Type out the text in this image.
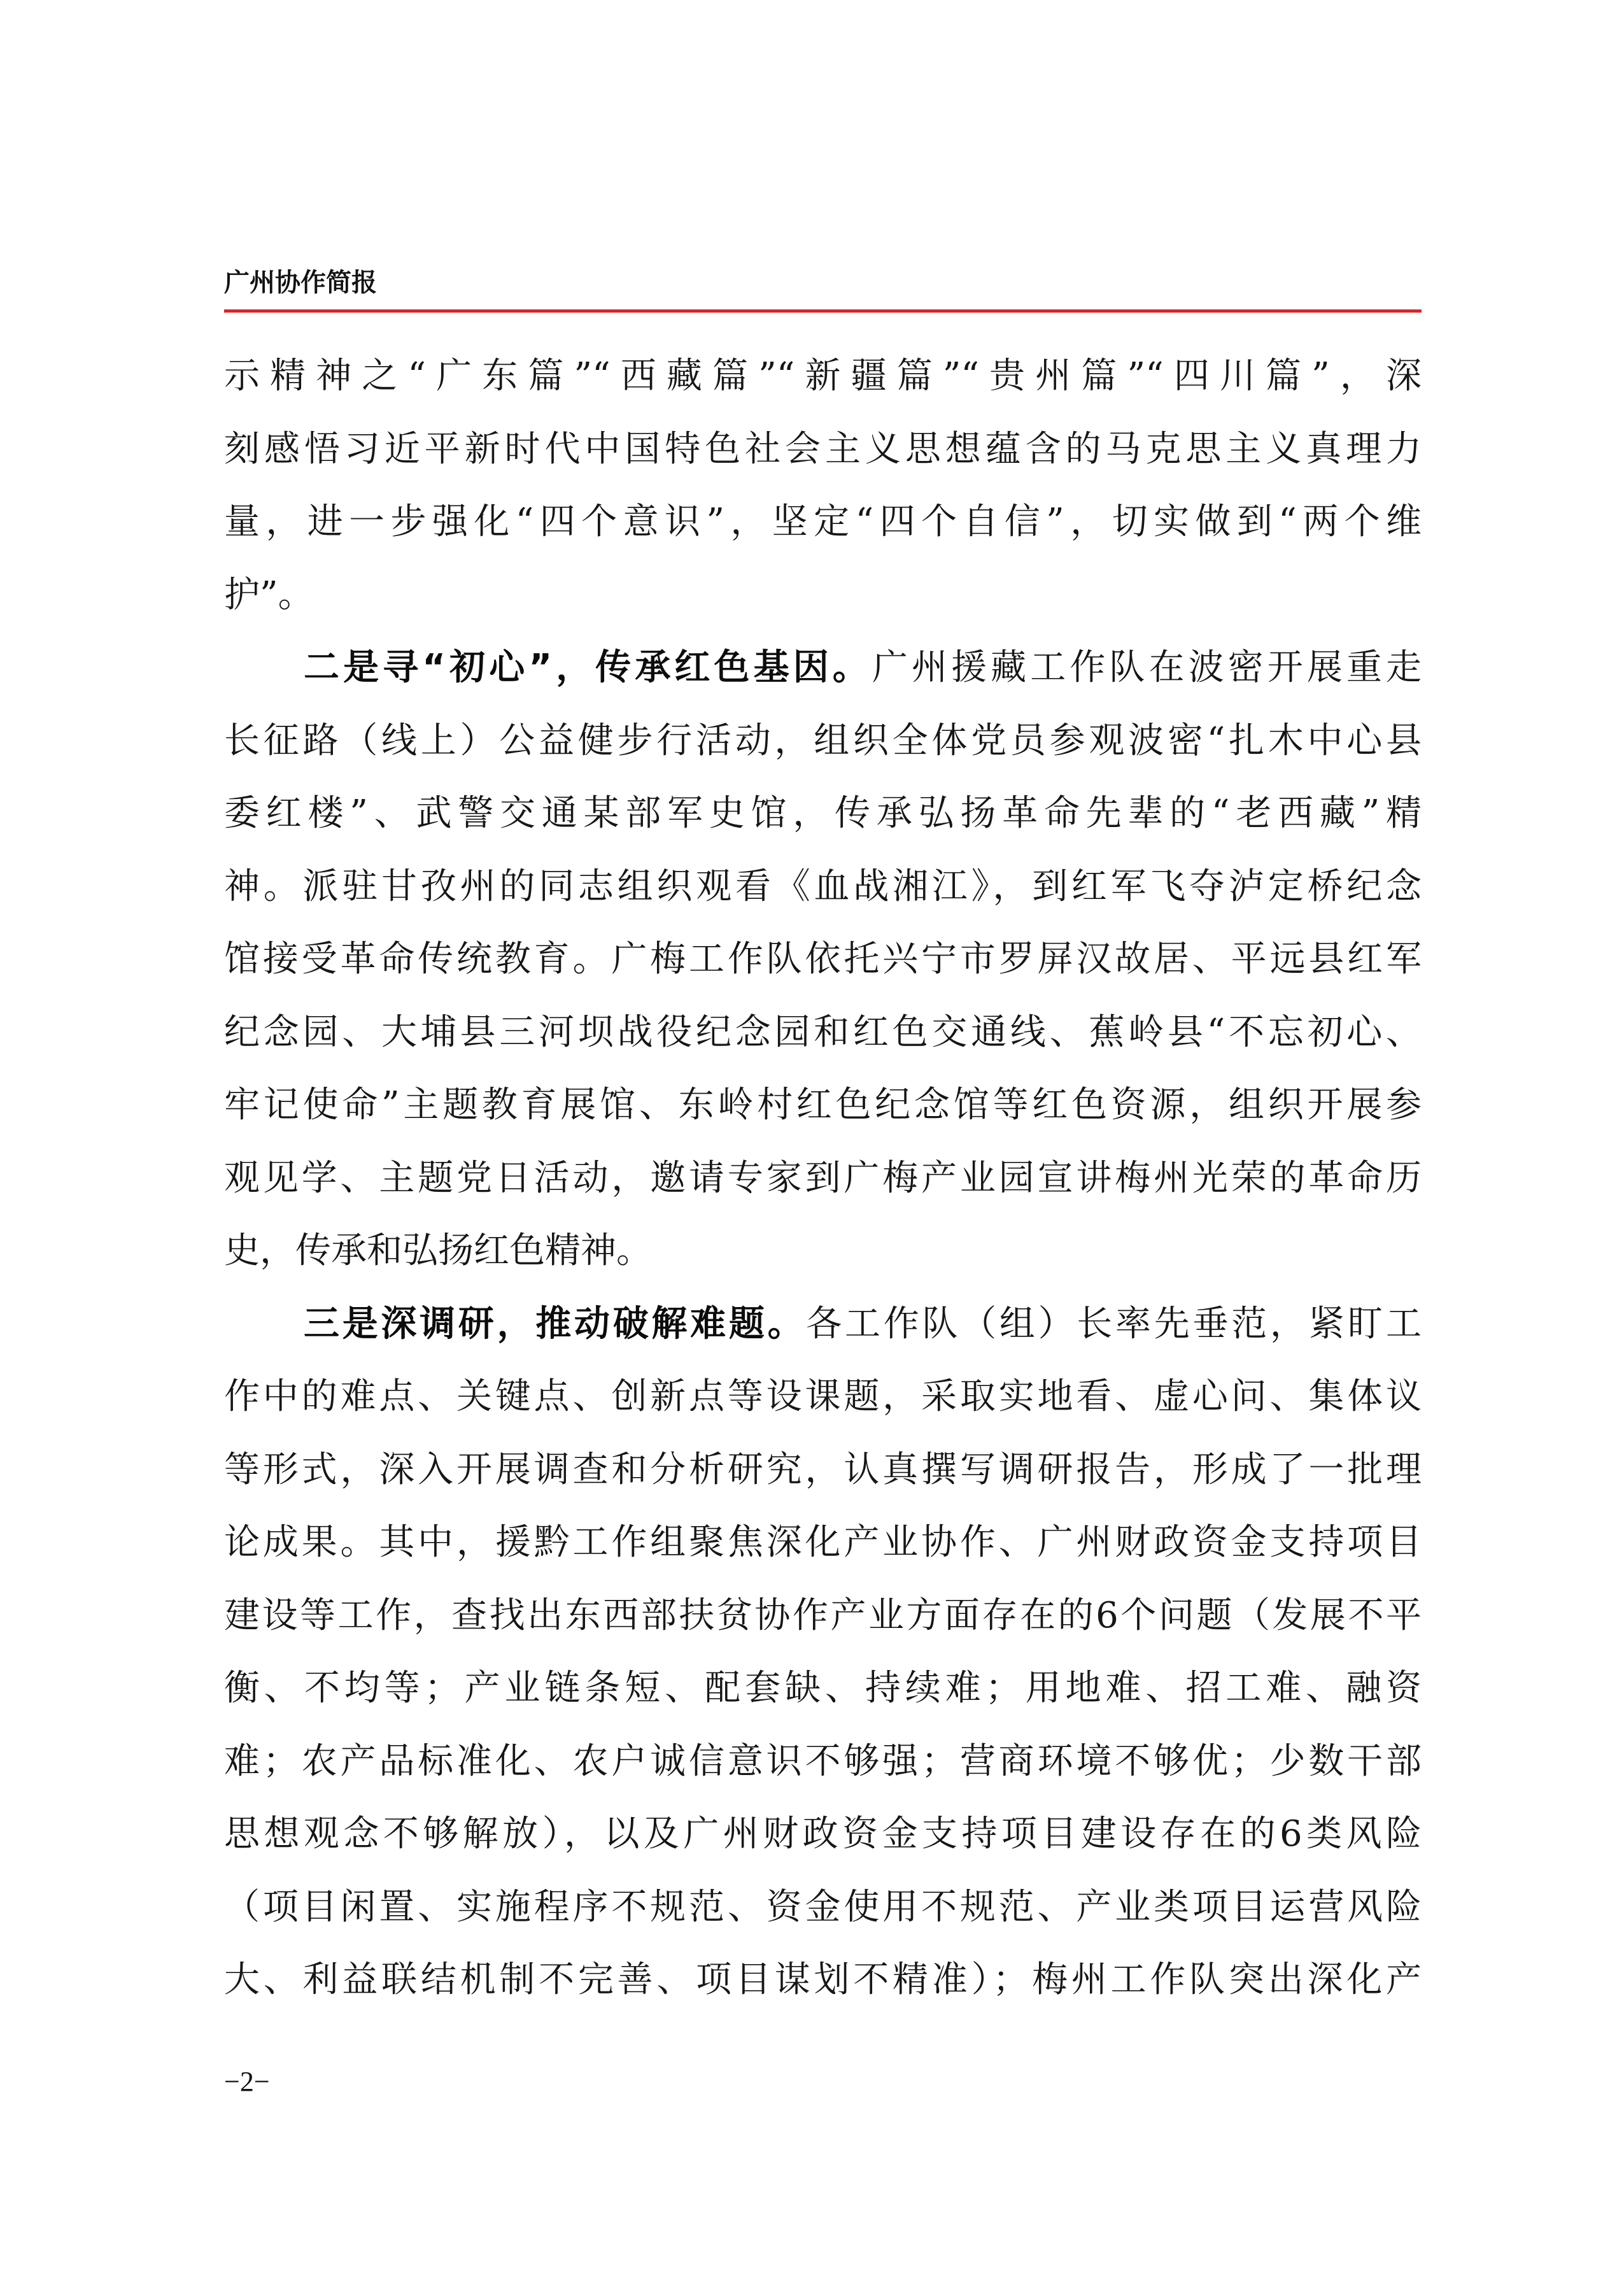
广州协作简报
示精神之“广东篇”“西藏篇”“新疆篇”“贵州篇”“四川篇”，深
刻感悟习近平新时代中国特色社会主义思想蕴含的马克思主义真理力
量，进一步强化“四个意识”，坚定“四个自信”，切实做到“两个维
护”。
二是寻“初心”，传承红色基因。广州援藏工作队在波密开展重走
长征路（线上）公益健步行活动，组织全体党员参观波密“扎木中心县
委红楼”、武警交通某部军史馆，传承弘扬革命先辈的“老西藏”精
神。派驻甘孜州的同志组织观看《血战湘江》，到红军飞夺泸定桥纪念
馆接受革命传统教育。广梅工作队依托兴宁市罗屏汉故居、平远县红军
纪念园、大埔县三河坝战役纪念园和红色交通线、蕉岭县“不忘初心、
牢记使命”主题教育展馆、东岭村红色纪念馆等红色资源，组织开展参
观见学、主题党日活动，邀请专家到广梅产业园宣讲梅州光荣的革命历
史，传承和弘扬红色精神。
三是深调研，推动破解难题。各工作队（组）长率先垂范，紧盯工
作中的难点、关键点、创新点等设课题，采取实地看、虚心问、集体议
等形式，深入开展调查和分析研究，认真撰写调研报告，形成了一批理
论成果。其中，援黔工作组聚焦深化产业协作、广州财政资金支持项目
建设等工作，查找出东西部扶贫协作产业方面存在的6个问题（发展不平
衡、不均等；产业链条短、配套缺、持续难；用地难、招工难、融资
难；农产品标准化、农户诚信意识不够强；营商环境不够优；少数干部
思想观念不够解放），以及广州财政资金支持项目建设存在的6类风险
（项目闲置、实施程序不规范、资金使用不规范、产业类项目运营风险
大、利益联结机制不完善、项目谋划不精准）；梅州工作队突出深化产
−2−
